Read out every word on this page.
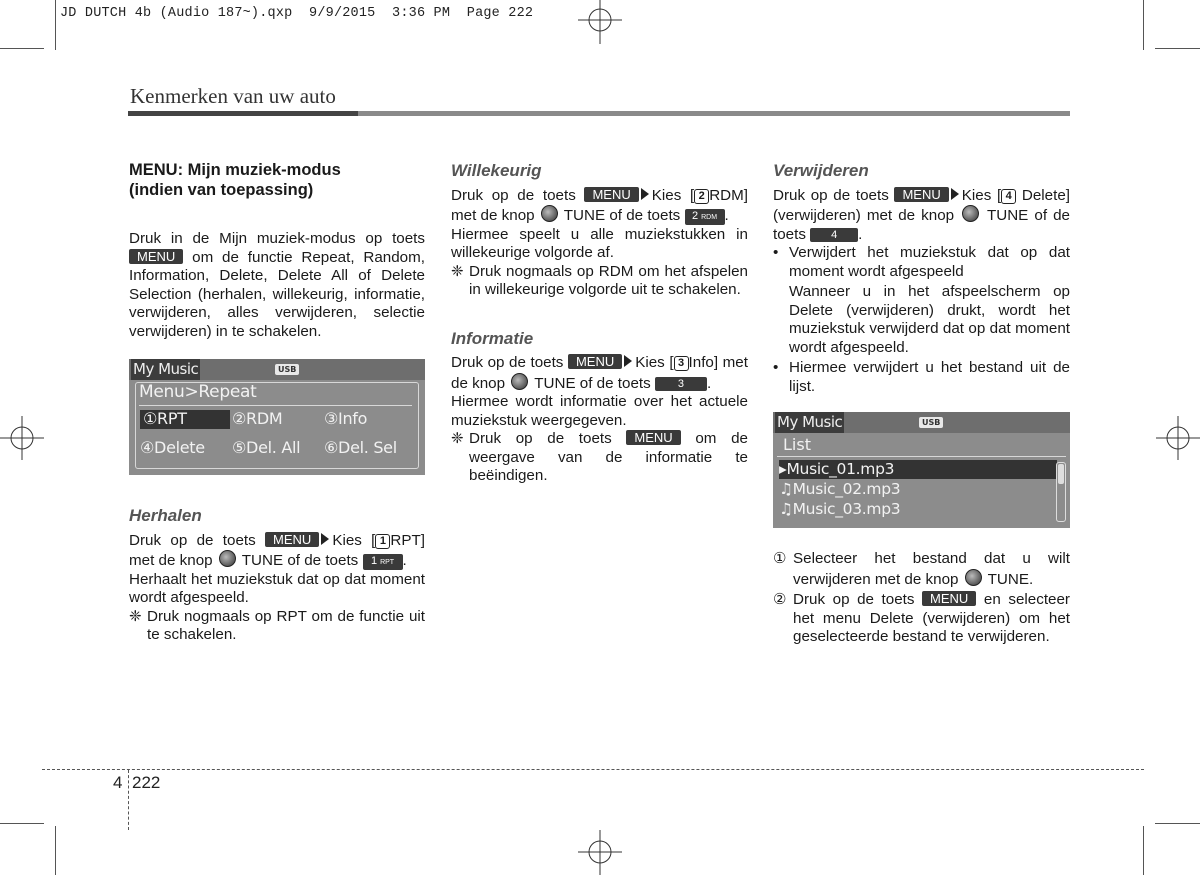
JD DUTCH 4b (Audio 187~).qxp  9/9/2015  3:36 PM  Page 222
Kenmerken van uw auto
MENU: Mijn muziek-modus
(indien van toepassing)

Druk in de Mijn muziek-modus op toets MENU om de functie Repeat, Random, Information, Delete, Delete All of Delete Selection (herhalen, willekeurig, informatie, verwijderen, alles verwijderen, selectie verwijderen) in te schakelen.

My Music	USB
Menu>Repeat
①RPT	②RDM	③Info
④Delete ⑤Del. All ⑥Del. Sel
Herhalen

Druk op de toets MENU Kies [ 1 RPT] met de knop TUNE of de toets 1 RPT .

Herhaalt het muziekstuk dat op dat moment wordt afgespeeld.

❈ Druk nogmaals op RPT om de functie uit te schakelen.
Willekeurig

Druk op de toets MENU Kies [ 2 RDM] met de knop TUNE of de toets 2 RDM .

Hiermee speelt u alle muziekstukken in willekeurige volgorde af.

❈ Druk nogmaals op RDM om het afspelen in willekeurige volgorde uit te schakelen.
Informatie

Druk op de toets MENU Kies [ 3 Info] met de knop TUNE of de toets 3 .

Hiermee wordt informatie over het actuele muziekstuk weergegeven.

❈ Druk op de toets MENU om de weergave van de informatie te beëindigen.
Verwijderen

Druk op de toets MENU Kies [ 4 Delete] (verwijderen) met de knop TUNE of de toets 4 .

• Verwijdert het muziekstuk dat op dat moment wordt afgespeeld
Wanneer u in het afspeelscherm op Delete (verwijderen) drukt, wordt het muziekstuk verwijderd dat op dat moment wordt afgespeeld.
• Hiermee verwijdert u het bestand uit de lijst.
My Music	USB
List
▸Music_01.mp3
♫Music_02.mp3
♫Music_03.mp3
① Selecteer het bestand dat u wilt verwijderen met de knop TUNE.
② Druk op de toets MENU en selecteer het menu Delete (verwijderen) om het geselecteerde bestand te verwijderen.
4 222
